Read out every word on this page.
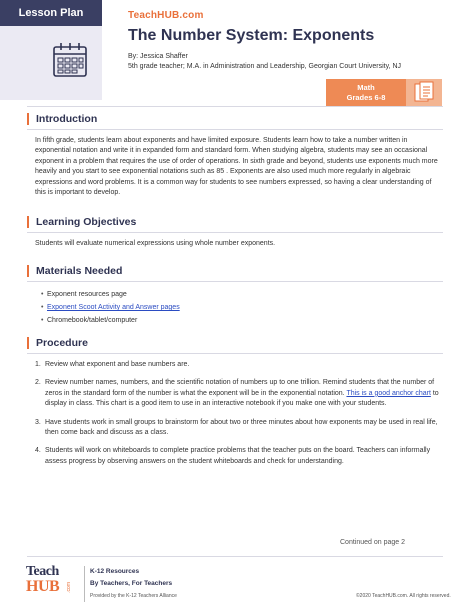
Lesson Plan	TeachHUB.com
The Number System: Exponents
By: Jessica Shaffer
5th grade teacher; M.A. in Administration and Leadership, Georgian Court University, NJ
Math
Grades 6-8
Introduction
In fifth grade, students learn about exponents and have limited exposure. Students learn how to take a number written in exponential notation and write it in expanded form and standard form. When studying algebra, students may see an occasional exponent in a problem that requires the use of order of operations. In sixth grade and beyond, students use exponents much more heavily and you start to see exponential notations such as 85 . Exponents are also used much more regularly in algebraic expressions and word problems. It is a common way for students to see numbers expressed, so having a clear understanding of this is important to develop.
Learning Objectives
Students will evaluate numerical expressions using whole number exponents.
Materials Needed
• Exponent resources page
• Exponent Scoot Activity and Answer pages
• Chromebook/tablet/computer
Procedure
1. Review what exponent and base numbers are.
2. Review number names, numbers, and the scientific notation of numbers up to one trillion. Remind students that the number of zeros in the standard form of the number is what the exponent will be in the exponential notation. This is a good anchor chart to display in class. This chart is a good item to use in an interactive notebook if you make one with your students.
3. Have students work in small groups to brainstorm for about two or three minutes about how exponents may be used in real life, then come back and discuss as a class.
4. Students will work on whiteboards to complete practice problems that the teacher puts on the board. Teachers can informally assess progress by observing answers on the student whiteboards and check for understanding.
Continued on page 2
Teach
HUB .com
K-12 Resources
By Teachers, For Teachers
Provided by the K-12 Teachers Alliance	©2020 TeachHUB.com. All rights reserved.
